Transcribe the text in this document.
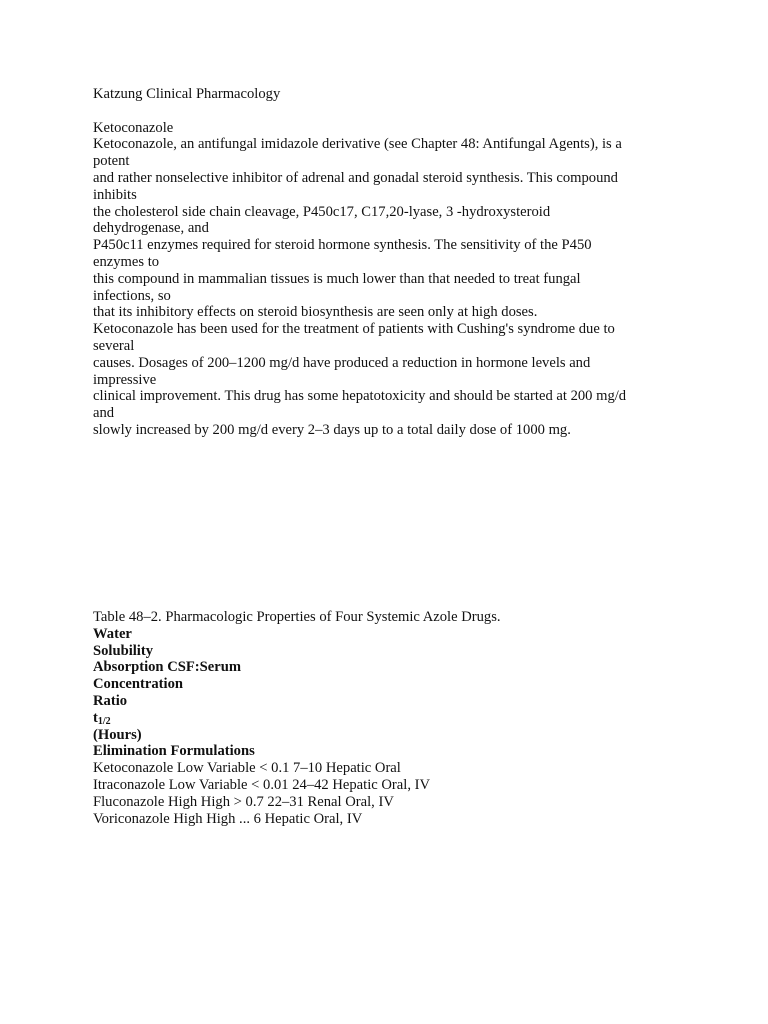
Katzung Clinical Pharmacology
Ketoconazole
Ketoconazole, an antifungal imidazole derivative (see Chapter 48: Antifungal Agents), is a
potent
and rather nonselective inhibitor of adrenal and gonadal steroid synthesis. This compound
inhibits
the cholesterol side chain cleavage, P450c17, C17,20-lyase, 3 -hydroxysteroid
dehydrogenase, and
P450c11 enzymes required for steroid hormone synthesis. The sensitivity of the P450
enzymes to
this compound in mammalian tissues is much lower than that needed to treat fungal
infections, so
that its inhibitory effects on steroid biosynthesis are seen only at high doses.
Ketoconazole has been used for the treatment of patients with Cushing's syndrome due to
several
causes. Dosages of 200–1200 mg/d have produced a reduction in hormone levels and
impressive
clinical improvement. This drug has some hepatotoxicity and should be started at 200 mg/d
and
slowly increased by 200 mg/d every 2–3 days up to a total daily dose of 1000 mg.
Table 48–2. Pharmacologic Properties of Four Systemic Azole Drugs.
Water
Solubility
Absorption CSF:Serum
Concentration
Ratio
$t_{1/2}$
(Hours)
Elimination Formulations
Ketoconazole Low Variable < 0.1 7–10 Hepatic Oral
Itraconazole Low Variable < 0.01 24–42 Hepatic Oral, IV
Fluconazole High High > 0.7 22–31 Renal Oral, IV
Voriconazole High High ... 6 Hepatic Oral, IV
